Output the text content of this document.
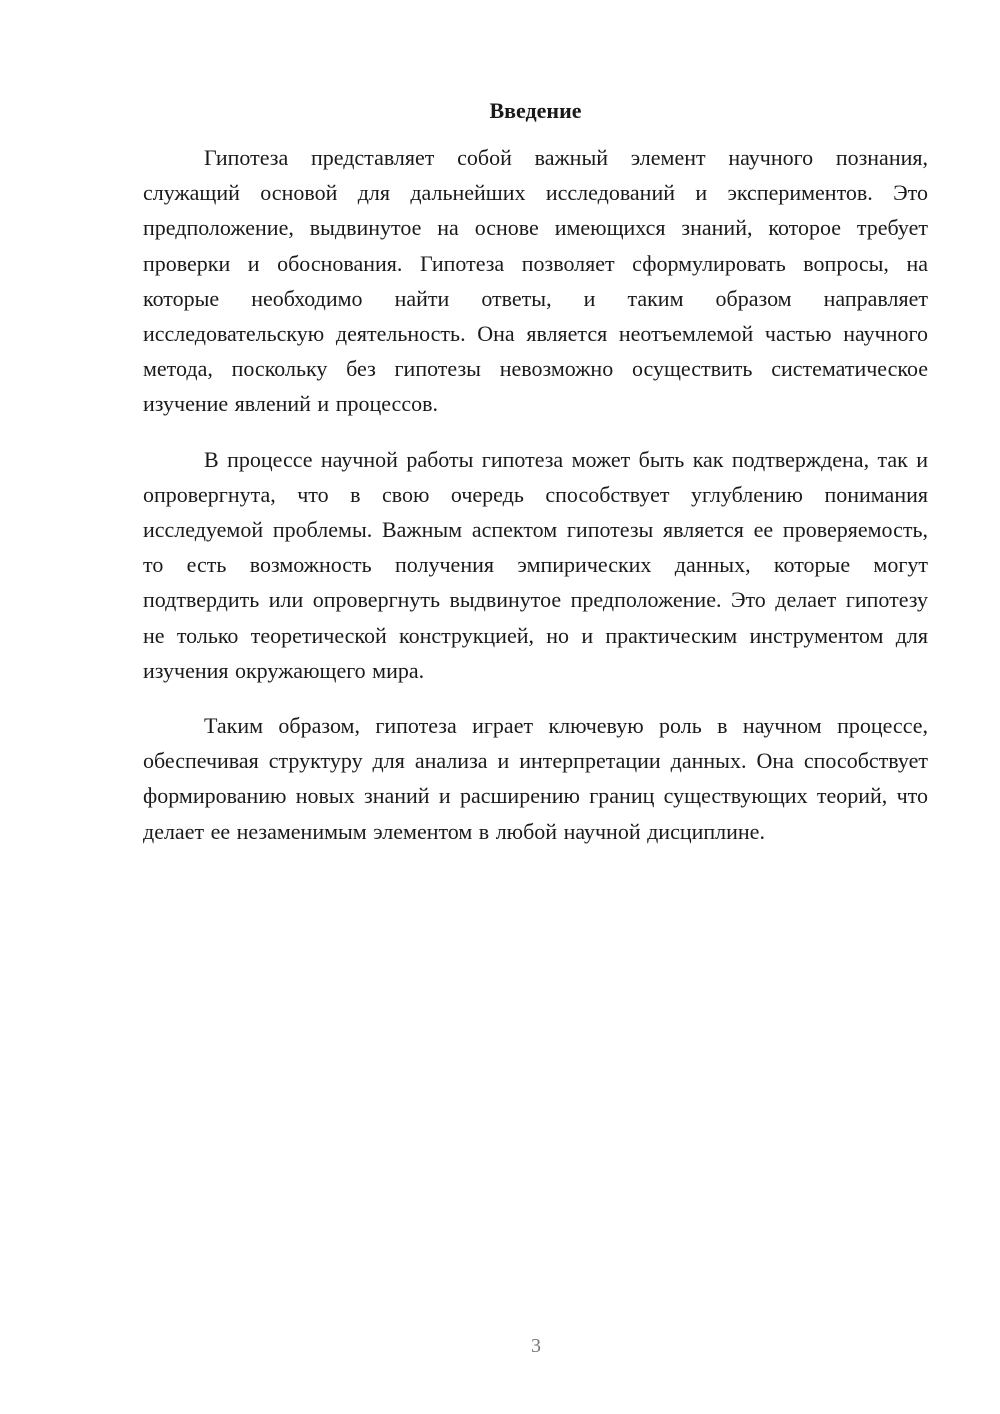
Введение

Гипотеза представляет собой важный элемент научного познания, служащий основой для дальнейших исследований и экспериментов. Это предположение, выдвинутое на основе имеющихся знаний, которое требует проверки и обоснования. Гипотеза позволяет сформулировать вопросы, на которые необходимо найти ответы, и таким образом направляет исследовательскую деятельность. Она является неотъемлемой частью научного метода, поскольку без гипотезы невозможно осуществить систематическое изучение явлений и процессов.

В процессе научной работы гипотеза может быть как подтверждена, так и опровергнута, что в свою очередь способствует углублению понимания исследуемой проблемы. Важным аспектом гипотезы является ее проверяемость, то есть возможность получения эмпирических данных, которые могут подтвердить или опровергнуть выдвинутое предположение. Это делает гипотезу не только теоретической конструкцией, но и практическим инструментом для изучения окружающего мира.

Таким образом, гипотеза играет ключевую роль в научном процессе, обеспечивая структуру для анализа и интерпретации данных. Она способствует формированию новых знаний и расширению границ существующих теорий, что делает ее незаменимым элементом в любой научной дисциплине.

3
